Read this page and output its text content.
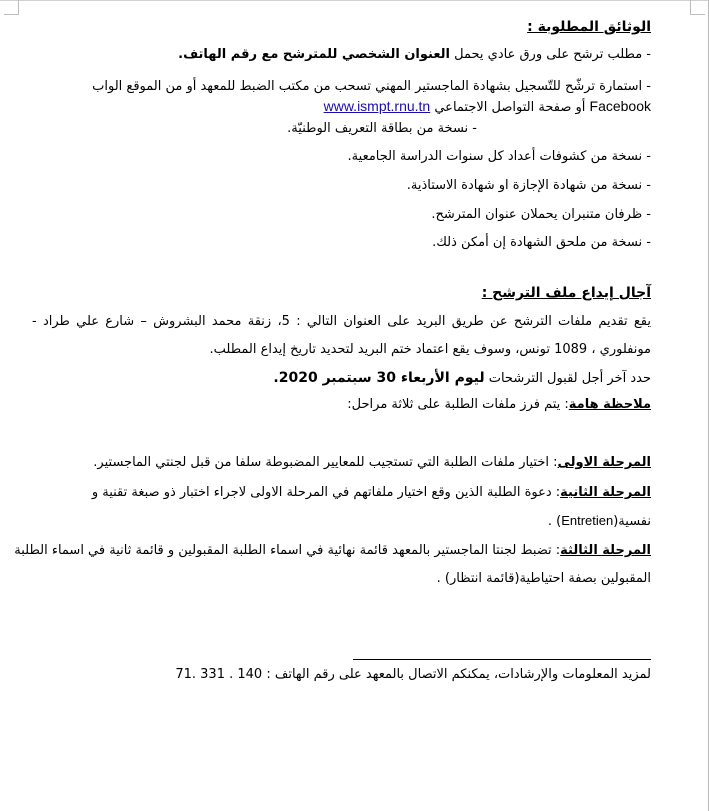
الوثائق المطلوبة :
- مطلب ترشح على ورق عادي يحمل العنوان الشخصي للمترشح مع رقم الهاتف.
- استمارة ترشّح للتّسجيل بشهادة الماجستير المهني تسحب من مكتب الضبط للمعهد أو من الموقع الواب
Facebook أو صفحة التواصل الاجتماعي www.ismpt.rnu.tn
- نسخة من بطاقة التعريف الوطنيّة.
- نسخة من كشوفات أعداد كل سنوات الدراسة الجامعية.
- نسخة من شهادة الإجازة او شهادة الاستاذية.
- ظرفان متنبران يحملان عنوان المترشح.
- نسخة من ملحق الشهادة إن أمكن ذلك.
آجال إيداع ملف الترشح :
يقع تقديم ملفات الترشح عن طريق البريد على العنوان التالي : 5، زنقة محمد البشروش – شارع علي طراد -
مونفلوري ، 1089 تونس، وسوف يقع اعتماد ختم البريد لتحديد تاريخ إيداع المطلب.
حدد آخر أجل لقبول الترشحات ليوم الأربعاء 30 سبتمبر 2020.
ملاحظة هامة: يتم فرز ملفات الطلبة على ثلاثة مراحل:
المرحلة الاولى: اختيار ملفات الطلبة التي تستجيب للمعايير المضبوطة سلفا من قبل لجنتي الماجستير.
المرحلة الثانية: دعوة الطلبة الذين وقع اختيار ملفاتهم في المرحلة الاولى لاجراء اختبار ذو صبغة تقنية و
نفسية(Entretien) .
المرحلة الثالثة: تضبط لجنتا الماجستير بالمعهد قائمة نهائية في اسماء الطلبة المقبولين و قائمة ثانية في اسماء الطلبة
المقبولين بصفة احتياطية(قائمة انتظار) .
لمزيد المعلومات والإرشادات، يمكنكم الاتصال بالمعهد على رقم الهاتف : 140 . 331 .71
